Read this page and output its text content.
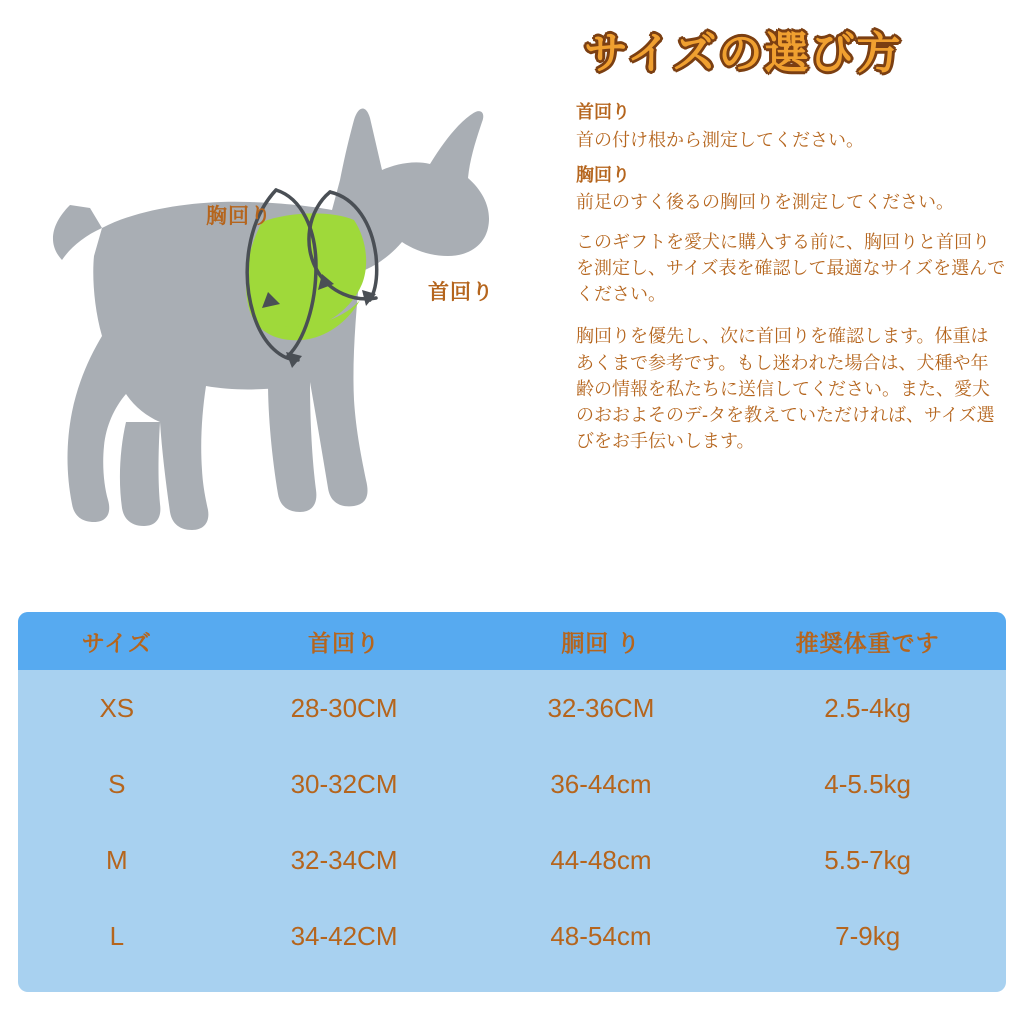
胸回り
首回り
サイズの選び方
首回り
首の付け根から測定してください。
胸回り
前足のすく後るの胸回りを測定してください。
このギフトを愛犬に購入する前に、胸回りと首回りを測定し、サイズ表を確認して最適なサイズを選んでください。
胸回りを優先し、次に首回りを確認します。体重はあくまで参考です。もし迷われた場合は、犬種や年齢の情報を私たちに送信してください。また、愛犬のおおよそのデ-タを教えていただければ、サイズ選びをお手伝いします。
サイズ	首回り	胴回 り	推奨体重です
XS	28-30CM	32-36CM	2.5-4kg
S	30-32CM	36-44cm	4-5.5kg
M	32-34CM	44-48cm	5.5-7kg
L	34-42CM	48-54cm	7-9kg
